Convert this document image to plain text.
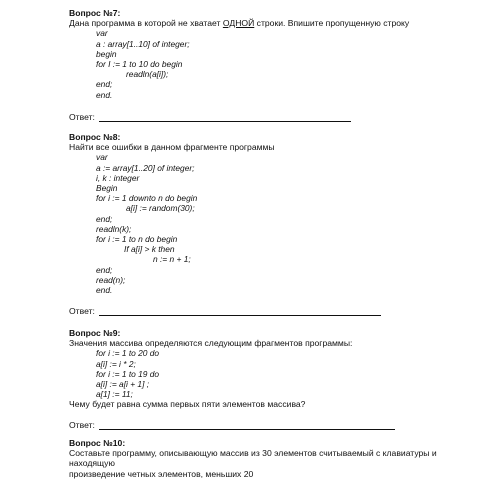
Вопрос №7:
Дана программа в которой не хватает ОДНОЙ строки. Впишите пропущенную строку
var
a : array[1..10] of integer;
begin
for I := 1 to 10 do begin
readln(a[i]);
end;
end.
Ответ:
Вопрос №8:
Найти все ошибки в данном фрагменте программы
var
a := array[1..20] of integer;
i, k : integer
Begin
for i := 1 downto n do begin
a[i] := random(30);
end;
readln(k);
for i := 1 to n do begin
If a[i] > k then
n := n + 1;
end;
read(n);
end.
Ответ:
Вопрос №9:
Значения массива определяются следующим фрагментов программы:
for i := 1 to 20 do
a[i] := i * 2;
for i := 1 to 19 do
a[i] := a[i + 1] ;
a[1] := 11;
Чему будет равна сумма первых пяти элементов массива?
Ответ:
Вопрос №10:
Составьте программу, описывающую массив из 30 элементов считываемый с клавиатуры и находящую
произведение четных элементов, меньших 20
